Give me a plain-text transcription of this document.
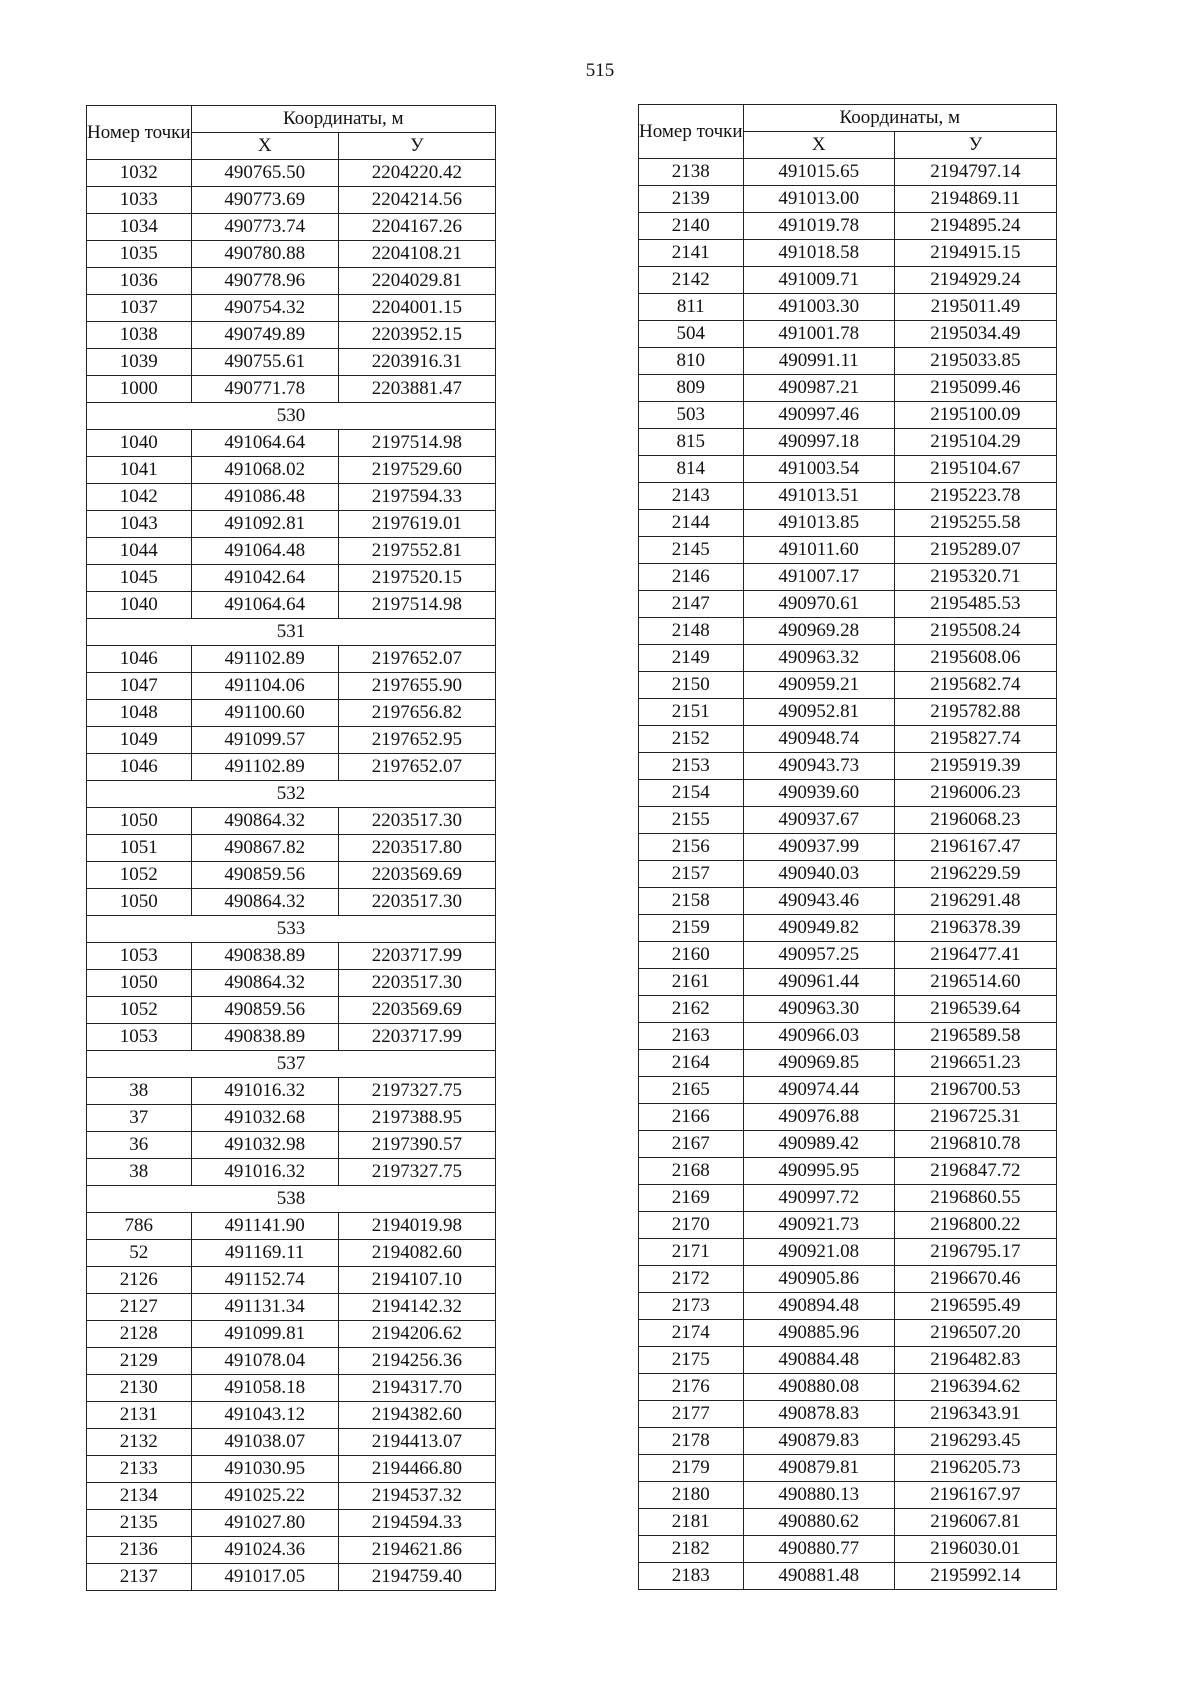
515
Номер точки	Координаты, м	
	X	У
1032	490765.50	2204220.42
1033	490773.69	2204214.56
1034	490773.74	2204167.26
1035	490780.88	2204108.21
1036	490778.96	2204029.81
1037	490754.32	2204001.15
1038	490749.89	2203952.15
1039	490755.61	2203916.31
1000	490771.78	2203881.47
530		
1040	491064.64	2197514.98
1041	491068.02	2197529.60
1042	491086.48	2197594.33
1043	491092.81	2197619.01
1044	491064.48	2197552.81
1045	491042.64	2197520.15
1040	491064.64	2197514.98
531		
1046	491102.89	2197652.07
1047	491104.06	2197655.90
1048	491100.60	2197656.82
1049	491099.57	2197652.95
1046	491102.89	2197652.07
532		
1050	490864.32	2203517.30
1051	490867.82	2203517.80
1052	490859.56	2203569.69
1050	490864.32	2203517.30
533		
1053	490838.89	2203717.99
1050	490864.32	2203517.30
1052	490859.56	2203569.69
1053	490838.89	2203717.99
537		
38	491016.32	2197327.75
37	491032.68	2197388.95
36	491032.98	2197390.57
38	491016.32	2197327.75
538		
786	491141.90	2194019.98
52	491169.11	2194082.60
2126	491152.74	2194107.10
2127	491131.34	2194142.32
2128	491099.81	2194206.62
2129	491078.04	2194256.36
2130	491058.18	2194317.70
2131	491043.12	2194382.60
2132	491038.07	2194413.07
2133	491030.95	2194466.80
2134	491025.22	2194537.32
2135	491027.80	2194594.33
2136	491024.36	2194621.86
2137	491017.05	2194759.40
Номер точки	Координаты, м	
	X	У
2138	491015.65	2194797.14
2139	491013.00	2194869.11
2140	491019.78	2194895.24
2141	491018.58	2194915.15
2142	491009.71	2194929.24
811	491003.30	2195011.49
504	491001.78	2195034.49
810	490991.11	2195033.85
809	490987.21	2195099.46
503	490997.46	2195100.09
815	490997.18	2195104.29
814	491003.54	2195104.67
2143	491013.51	2195223.78
2144	491013.85	2195255.58
2145	491011.60	2195289.07
2146	491007.17	2195320.71
2147	490970.61	2195485.53
2148	490969.28	2195508.24
2149	490963.32	2195608.06
2150	490959.21	2195682.74
2151	490952.81	2195782.88
2152	490948.74	2195827.74
2153	490943.73	2195919.39
2154	490939.60	2196006.23
2155	490937.67	2196068.23
2156	490937.99	2196167.47
2157	490940.03	2196229.59
2158	490943.46	2196291.48
2159	490949.82	2196378.39
2160	490957.25	2196477.41
2161	490961.44	2196514.60
2162	490963.30	2196539.64
2163	490966.03	2196589.58
2164	490969.85	2196651.23
2165	490974.44	2196700.53
2166	490976.88	2196725.31
2167	490989.42	2196810.78
2168	490995.95	2196847.72
2169	490997.72	2196860.55
2170	490921.73	2196800.22
2171	490921.08	2196795.17
2172	490905.86	2196670.46
2173	490894.48	2196595.49
2174	490885.96	2196507.20
2175	490884.48	2196482.83
2176	490880.08	2196394.62
2177	490878.83	2196343.91
2178	490879.83	2196293.45
2179	490879.81	2196205.73
2180	490880.13	2196167.97
2181	490880.62	2196067.81
2182	490880.77	2196030.01
2183	490881.48	2195992.14
